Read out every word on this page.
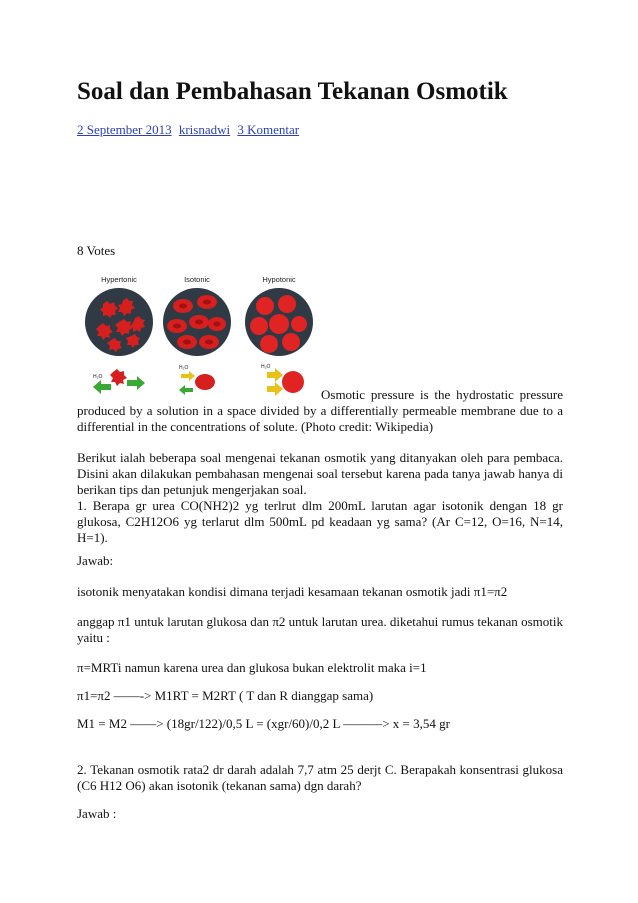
Soal dan Pembahasan Tekanan Osmotik
2 September 2013 krisnadwi 3 Komentar
8 Votes
Hypertonic	Isotonic	Hypotonic
H₂O
H₂O	H₂O
Osmotic pressure is the hydrostatic pressure produced by a solution in a space divided by a differentially permeable membrane due to a differential in the concentrations of solute. (Photo credit: Wikipedia)
Berikut ialah beberapa soal mengenai tekanan osmotik yang ditanyakan oleh para pembaca. Disini akan dilakukan pembahasan mengenai soal tersebut karena pada tanya jawab hanya di berikan tips dan petunjuk mengerjakan soal.
1. Berapa gr urea CO(NH2)2 yg terlrut dlm 200mL larutan agar isotonik dengan 18 gr glukosa, C2H12O6 yg terlarut dlm 500mL pd keadaan yg sama? (Ar C=12, O=16, N=14, H=1).
Jawab:
isotonik menyatakan kondisi dimana terjadi kesamaan tekanan osmotik jadi π1=π2
anggap π1 untuk larutan glukosa dan π2 untuk larutan urea. diketahui rumus tekanan osmotik yaitu :
π=MRTi namun karena urea dan glukosa bukan elektrolit maka i=1
π1=π2 ——-> M1RT = M2RT ( T dan R dianggap sama)
M1 = M2 ——> (18gr/122)/0,5 L = (xgr/60)/0,2 L ———> x = 3,54 gr
2. Tekanan osmotik rata2 dr darah adalah 7,7 atm 25 derjt C. Berapakah konsentrasi glukosa (C6 H12 O6) akan isotonik (tekanan sama) dgn darah?
Jawab :
